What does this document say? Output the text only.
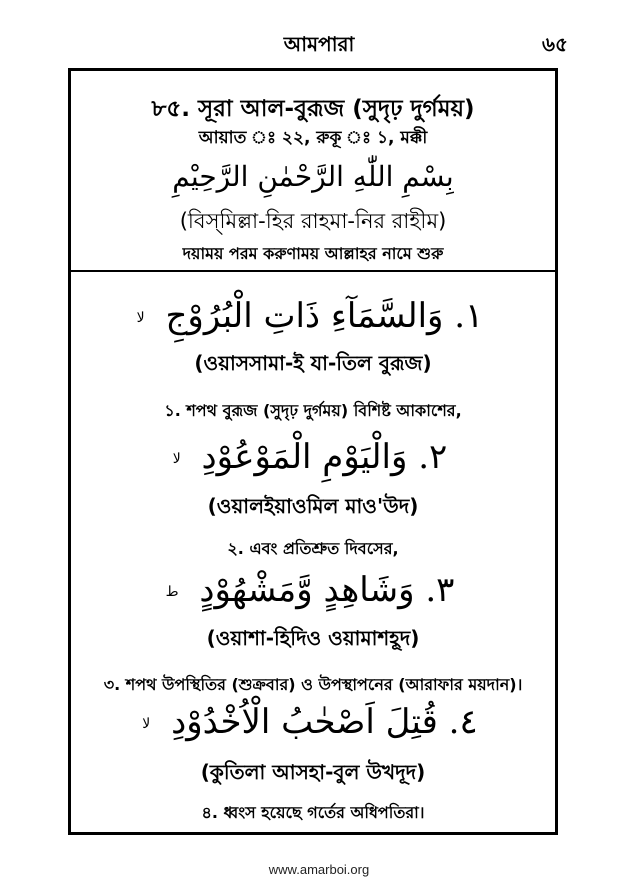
আমপারা	৬৫
৮৫. সূরা আল-বুরূজ (সুদৃঢ় দুর্গময়)
আয়াত ঃ ২২, রুকূ ঃ ১, মক্কী
بِسْمِ اللّٰهِ الرَّحْمٰنِ الرَّحِيْمِ
(বিস্‌মিল্লা-হির রাহমা-নির রাহীম)
দয়াময় পরম করুণাময় আল্লাহর নামে শুরু
١. وَالسَّمَآءِ ذَاتِ الْبُرُوْجِ لا
(ওয়াসসামা-ই যা-তিল বুরূজ)
১. শপথ বুরূজ (সুদৃঢ় দুর্গময়) বিশিষ্ট আকাশের,
٢. وَالْيَوْمِ الْمَوْعُوْدِ لا
(ওয়ালইয়াওমিল মাও'উদ)
২. এবং প্রতিশ্রুত দিবসের,
٣. وَشَاهِدٍ وَّمَشْهُوْدٍ ط
(ওয়াশা-হিদিও ওয়ামাশহূদ)
৩. শপথ উপস্থিতির (শুক্রবার) ও উপস্থাপনের (আরাফার ময়দান)।
٤. قُتِلَ اَصْحٰبُ الْاُخْدُوْدِ لا
(কুতিলা আসহা-বুল উখদূদ)
৪. ধ্বংস হয়েছে গর্তের অধিপতিরা।
www.amarboi.org
